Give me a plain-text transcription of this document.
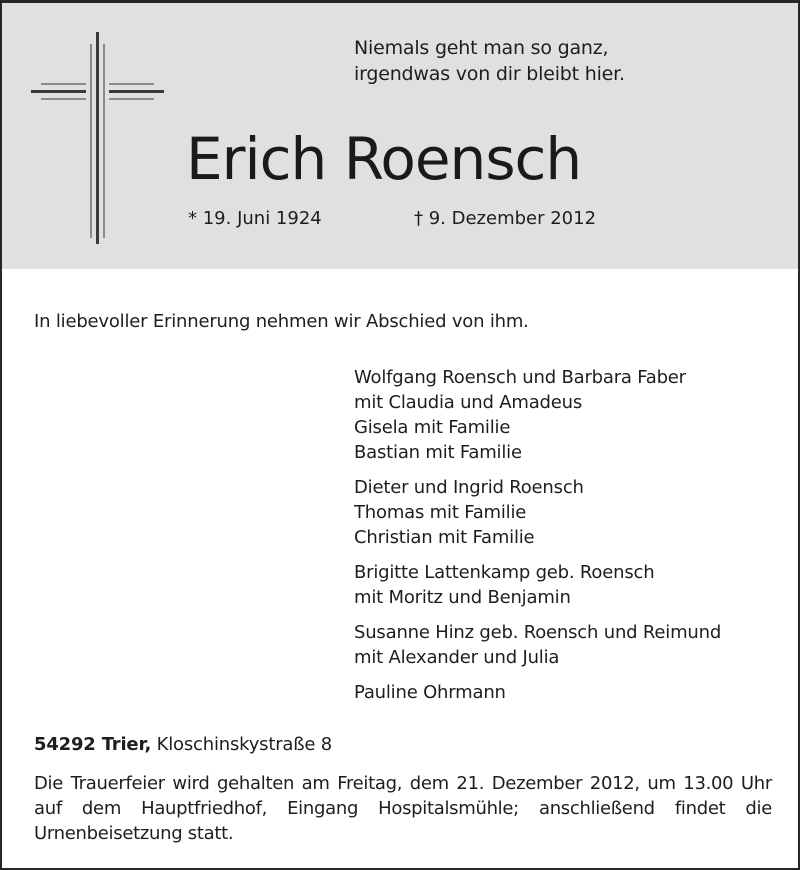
Niemals geht man so ganz,
irgendwas von dir bleibt hier.
Erich Roensch
* 19. Juni 1924	† 9. Dezember 2012
In liebevoller Erinnerung nehmen wir Abschied von ihm.
Wolfgang Roensch und Barbara Faber
mit Claudia und Amadeus
Gisela mit Familie
Bastian mit Familie
Dieter und Ingrid Roensch
Thomas mit Familie
Christian mit Familie
Brigitte Lattenkamp geb. Roensch
mit Moritz und Benjamin
Susanne Hinz geb. Roensch und Reimund
mit Alexander und Julia
Pauline Ohrmann
54292 Trier, Kloschinskystraße 8
Die Trauerfeier wird gehalten am Freitag, dem 21. Dezember 2012, um 13.00 Uhr auf dem Hauptfriedhof, Eingang Hospitalsmühle; anschließend findet die Urnenbeisetzung statt.
